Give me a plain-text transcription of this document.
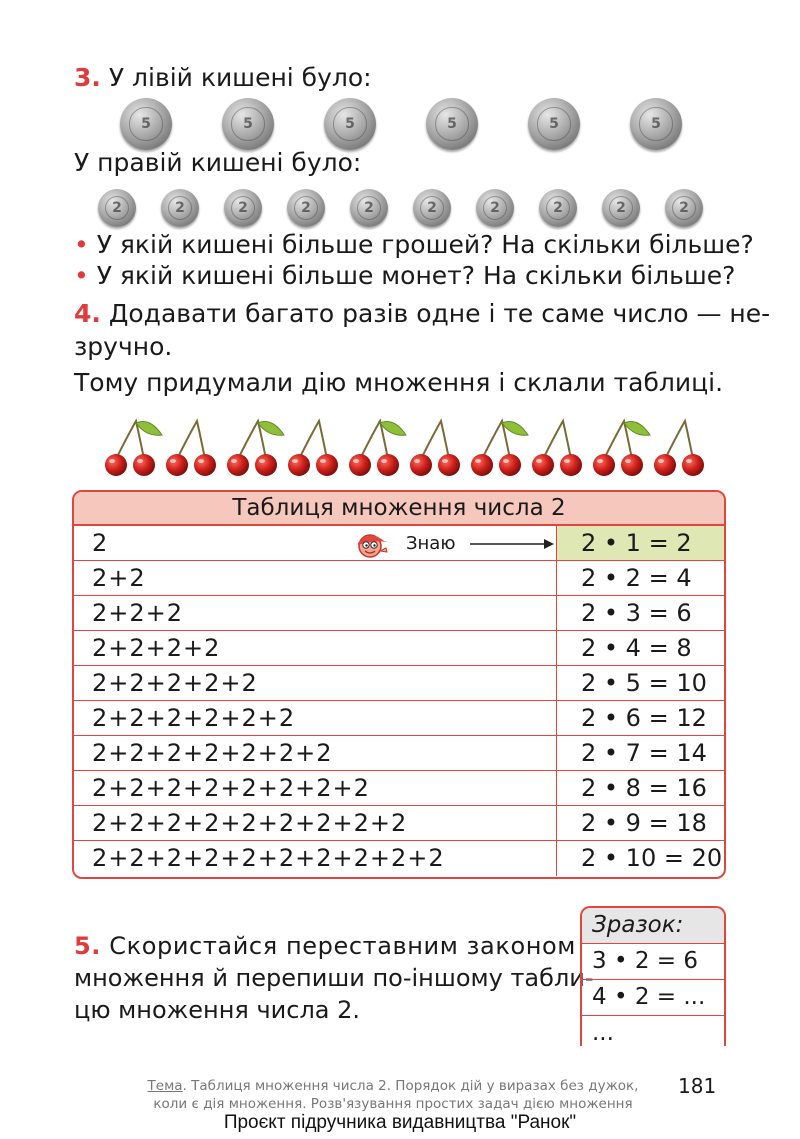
3. У лівій кишені було:
5	5	5	5	5	5
У правій кишені було:
2	2	2	2	2	2	2	2	2	2
• У якій кишені більше грошей? На скільки більше?
• У якій кишені більше монет? На скільки більше?
4. Додавати багато разів одне і те саме число — не-
зручно.
Тому придумали дію множення і склали таблиці.
Таблиця множення числа 2
2	Знаю	2 • 1 = 2
2+2	2 • 2 = 4
2+2+2	2 • 3 = 6
2+2+2+2	2 • 4 = 8
2+2+2+2+2	2 • 5 = 10
2+2+2+2+2+2	2 • 6 = 12
2+2+2+2+2+2+2	2 • 7 = 14
2+2+2+2+2+2+2+2	2 • 8 = 16
2+2+2+2+2+2+2+2+2	2 • 9 = 18
2+2+2+2+2+2+2+2+2+2	2 • 10 = 20
5. Скористайся переставним законом
множення й перепиши по-іншому табли-
цю множення числа 2.
Зразок:
3 • 2 = 6
4 • 2 = ...
...
Тема. Таблиця множення числа 2. Порядок дій у виразах без дужок,
коли є дія множення. Розв'язування простих задач дією множення
181
Проєкт підручника видавництва "Ранок"
